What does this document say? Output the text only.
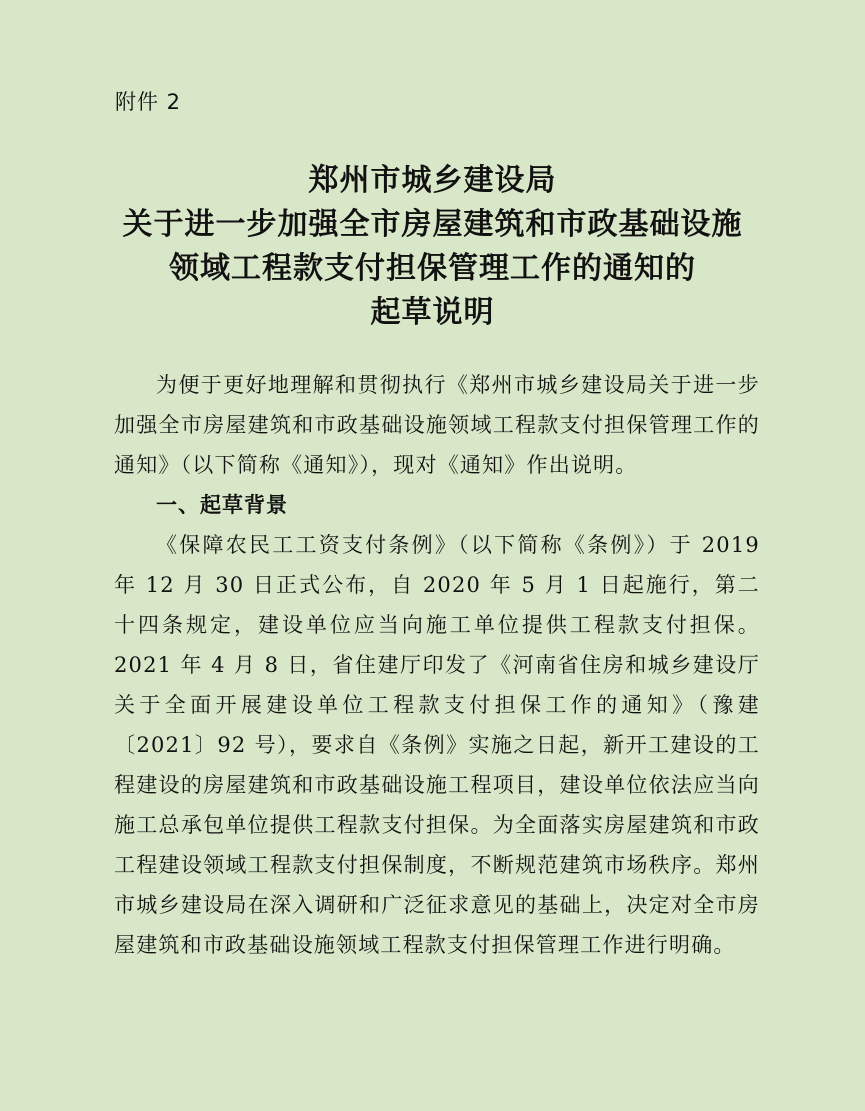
附件 2
郑州市城乡建设局
关于进一步加强全市房屋建筑和市政基础设施
领域工程款支付担保管理工作的通知的
起草说明

为便于更好地理解和贯彻执行《郑州市城乡建设局关于进一步加强全市房屋建筑和市政基础设施领域工程款支付担保管理工作的通知》（以下简称《通知》），现对《通知》作出说明。

一、起草背景

《保障农民工工资支付条例》（以下简称《条例》）于 2019 年 12 月 30 日正式公布，自 2020 年 5 月 1 日起施行，第二十四条规定，建设单位应当向施工单位提供工程款支付担保。2021 年 4 月 8 日，省住建厅印发了《河南省住房和城乡建设厅关于全面开展建设单位工程款支付担保工作的通知》（豫建〔2021〕92 号），要求自《条例》实施之日起，新开工建设的工程建设的房屋建筑和市政基础设施工程项目，建设单位依法应当向施工总承包单位提供工程款支付担保。为全面落实房屋建筑和市政工程建设领域工程款支付担保制度，不断规范建筑市场秩序。郑州市城乡建设局在深入调研和广泛征求意见的基础上，决定对全市房屋建筑和市政基础设施领域工程款支付担保管理工作进行明确。
